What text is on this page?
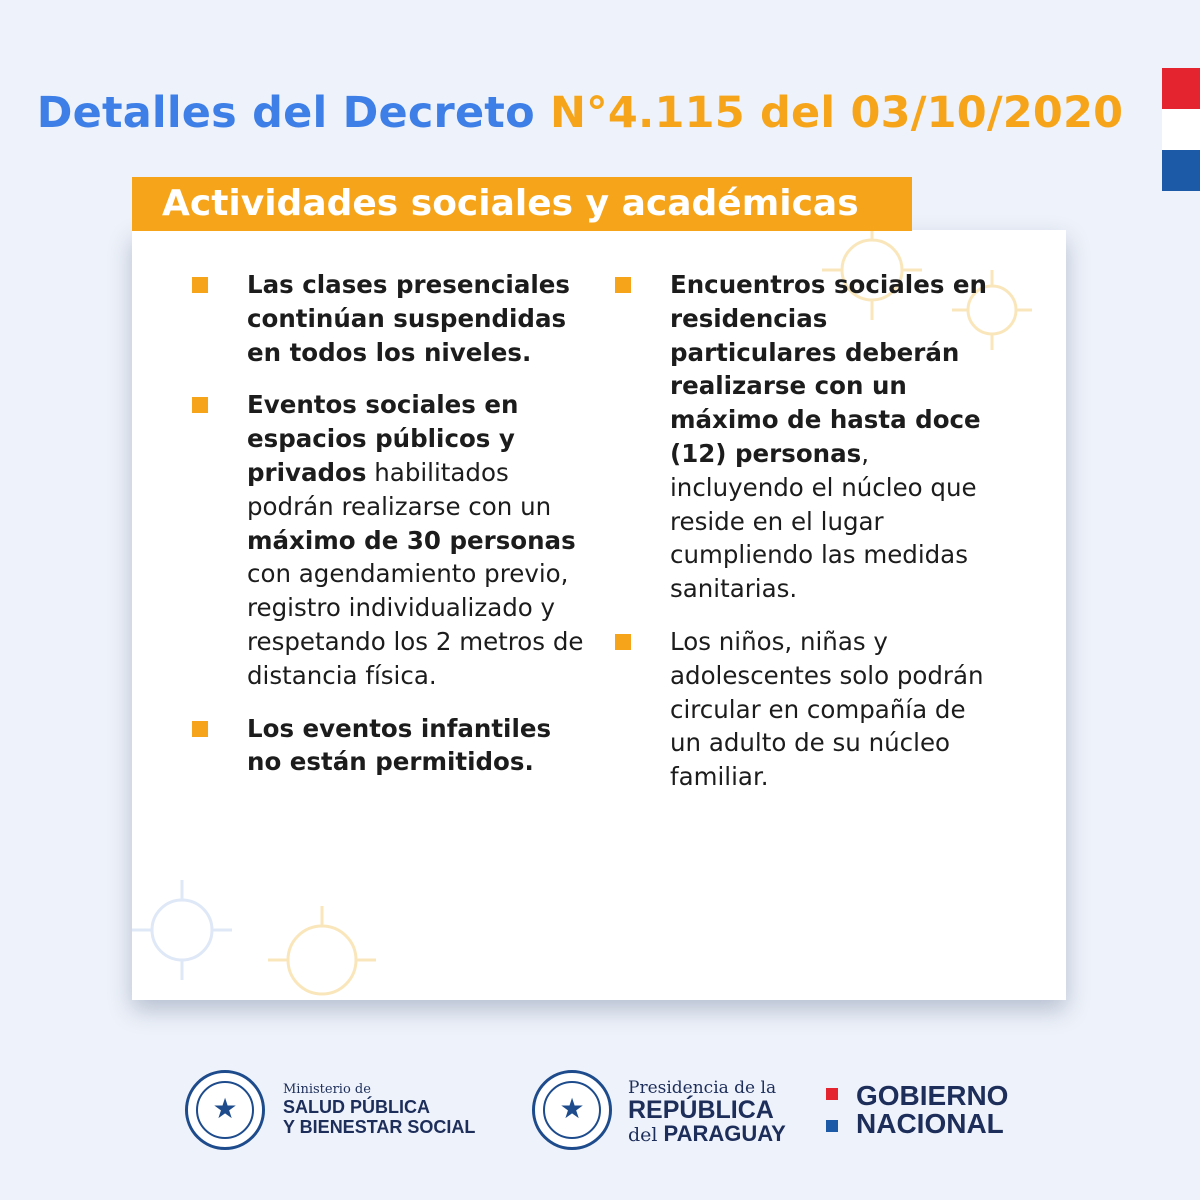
Detalles del Decreto N°4.115 del 03/10/2020
Actividades sociales y académicas
Las clases presenciales continúan suspendidas en todos los niveles.
Eventos sociales en espacios públicos y privados habilitados podrán realizarse con un máximo de 30 personas con agendamiento previo, registro individualizado y respetando los 2 metros de distancia física.
Los eventos infantiles no están permitidos.
Encuentros sociales en residencias particulares deberán realizarse con un máximo de hasta doce (12) personas, incluyendo el núcleo que reside en el lugar cumpliendo las medidas sanitarias.
Los niños, niñas y adolescentes solo podrán circular en compañía de un adulto de su núcleo familiar.
★
Ministerio de
SALUD PÚBLICA
Y BIENESTAR SOCIAL
★
Presidencia de la
REPÚBLICA
del PARAGUAY
GOBIERNO
NACIONAL
